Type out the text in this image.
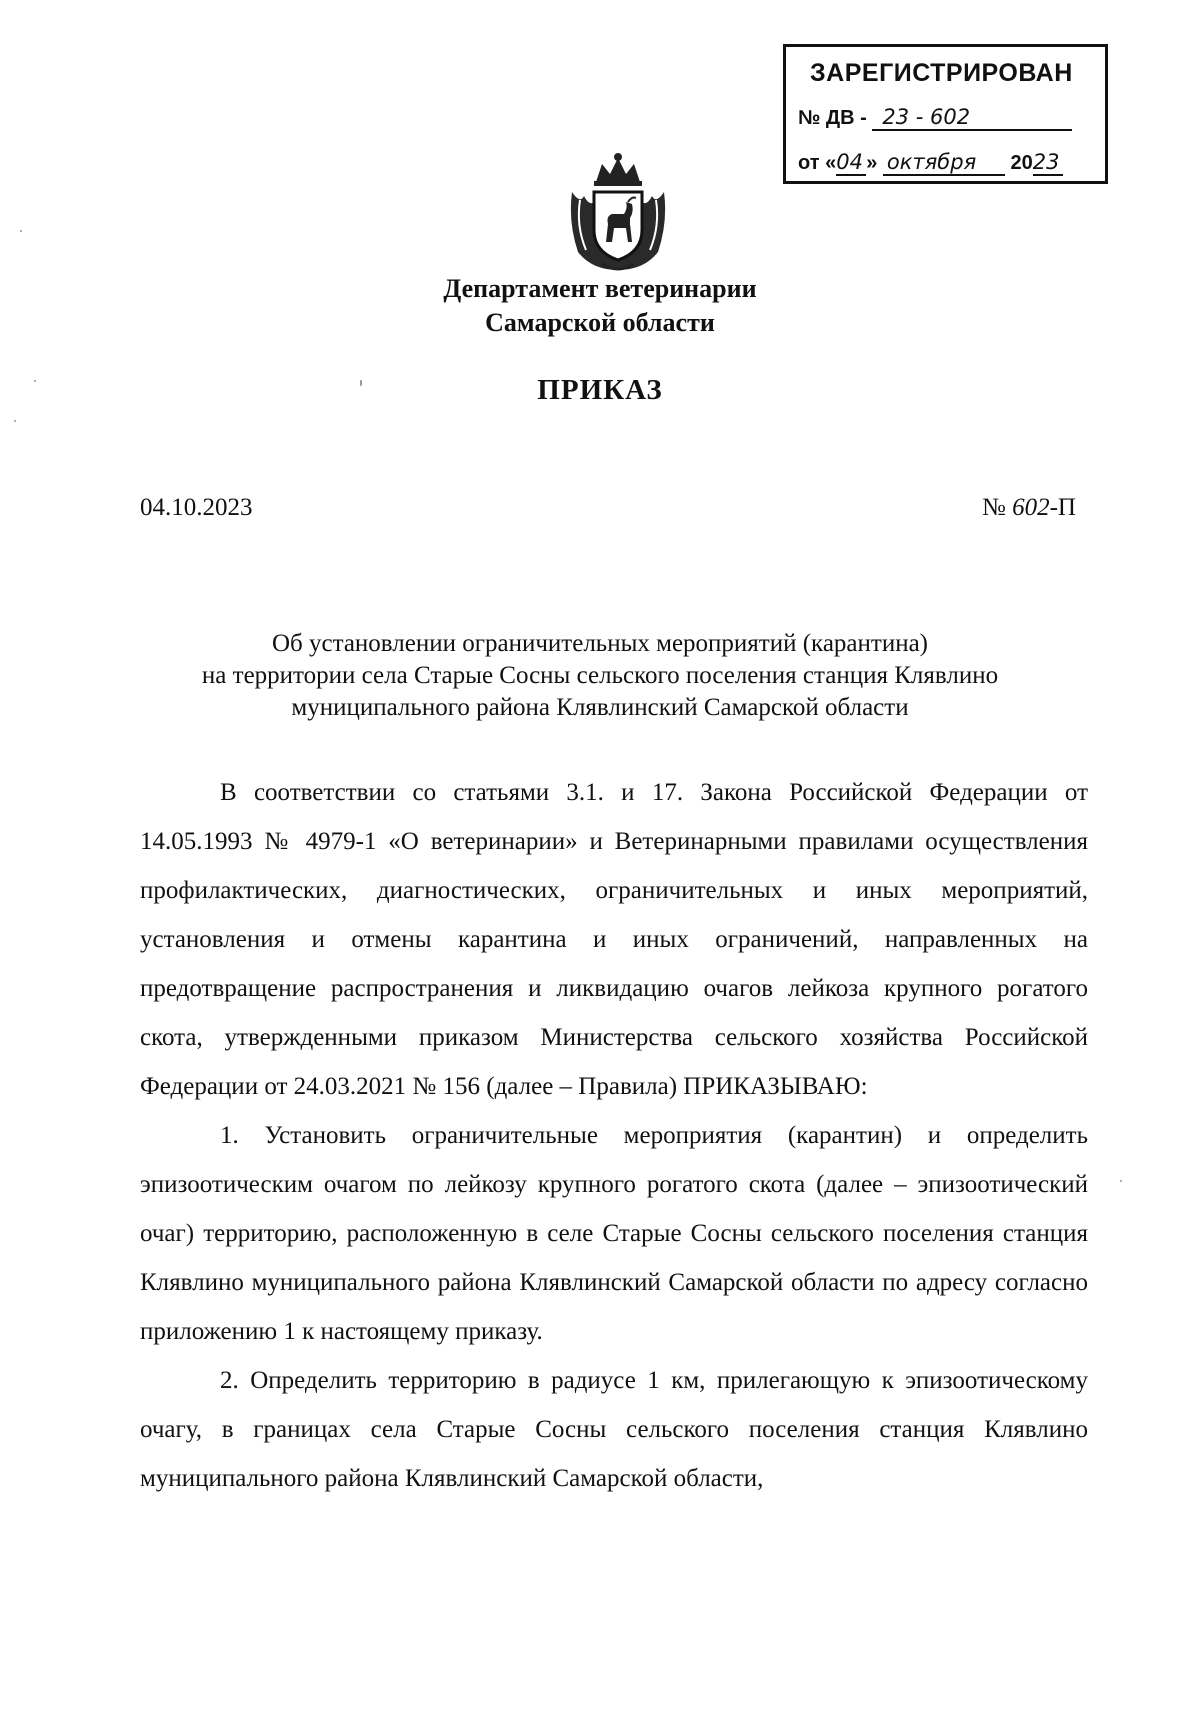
ЗАРЕГИСТРИРОВАН
№ ДВ - 23 - 602
от «04 » октября 2023
Департамент ветеринарии
Самарской области
ПРИКАЗ
04.10.2023	№ 602-П
Об установлении ограничительных мероприятий (карантина)
на территории села Старые Сосны сельского поселения станция Клявлино
муниципального района Клявлинский Самарской области

В соответствии со статьями 3.1. и 17. Закона Российской Федерации от 14.05.1993 № 4979-1 «О ветеринарии» и Ветеринарными правилами осуществления профилактических, диагностических, ограничительных и иных мероприятий, установления и отмены карантина и иных ограничений, направленных на предотвращение распространения и ликвидацию очагов лейкоза крупного рогатого скота, утвержденными приказом Министерства сельского хозяйства Российской Федерации от 24.03.2021 № 156 (далее – Правила) ПРИКАЗЫВАЮ:

1. Установить ограничительные мероприятия (карантин) и определить эпизоотическим очагом по лейкозу крупного рогатого скота (далее – эпизоотический очаг) территорию, расположенную в селе Старые Сосны сельского поселения станция Клявлино муниципального района Клявлинский Самарской области по адресу согласно приложению 1 к настоящему приказу.

2. Определить территорию в радиусе 1 км, прилегающую к эпизоотическому очагу, в границах села Старые Сосны сельского поселения станция Клявлино муниципального района Клявлинский Самарской области,
